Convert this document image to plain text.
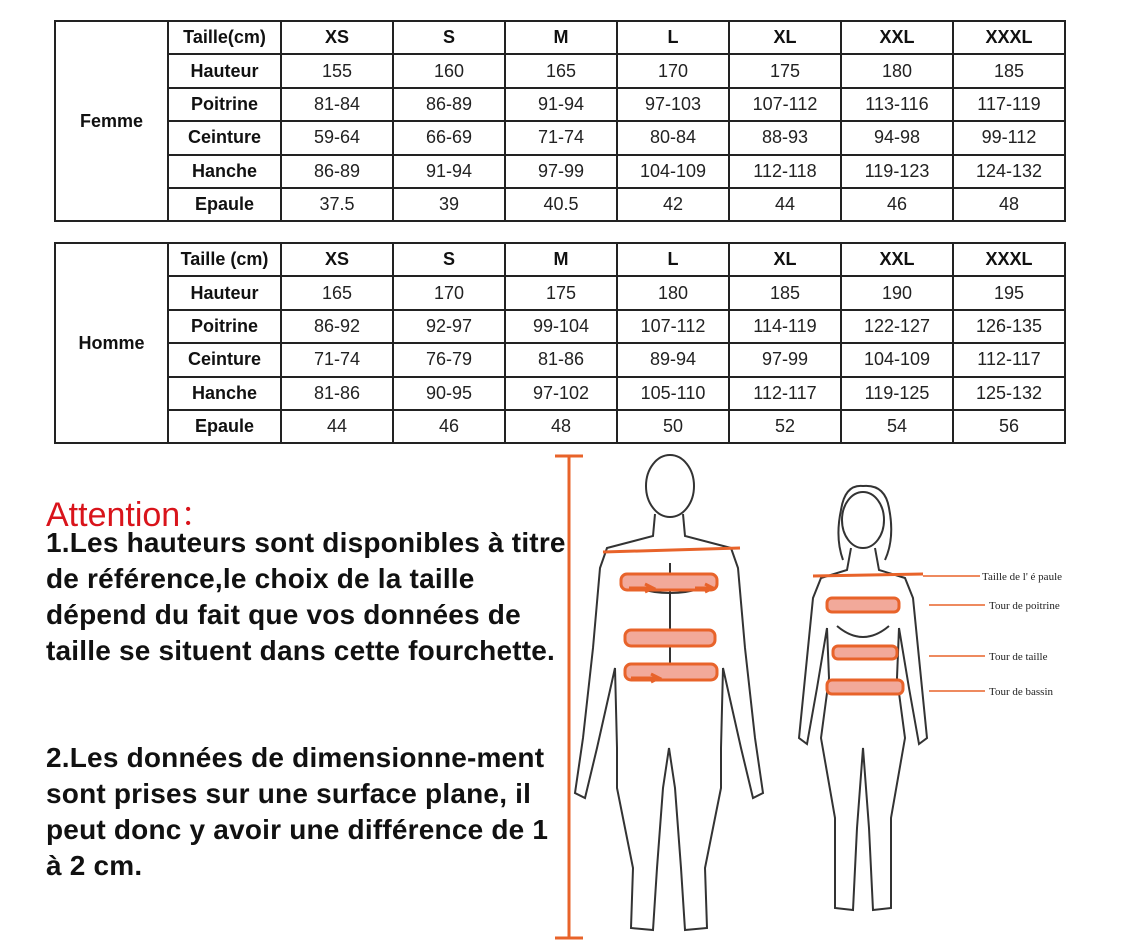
Femme	Taille(cm)	XS	S	M	L	XL	XXL	XXXL
	Hauteur	155	160	165	170	175	180	185
	Poitrine	81-84	86-89	91-94	97-103	107-112	113-116	117-119
	Ceinture	59-64	66-69	71-74	80-84	88-93	94-98	99-112
	Hanche	86-89	91-94	97-99	104-109	112-118	119-123	124-132
	Epaule	37.5	39	40.5	42	44	46	48
Homme	Taille (cm)	XS	S	M	L	XL	XXL	XXXL
	Hauteur	165	170	175	180	185	190	195
	Poitrine	86-92	92-97	99-104	107-112	114-119	122-127	126-135
	Ceinture	71-74	76-79	81-86	89-94	97-99	104-109	112-117
	Hanche	81-86	90-95	97-102	105-110	112-117	119-125	125-132
	Epaule	44	46	48	50	52	54	56
Attention：
1.Les hauteurs sont disponibles à titre de référence,le choix de la taille dépend du fait que vos données de taille se situent dans cette fourchette.
2.Les données de dimensionne-ment sont prises sur une surface plane, il peut donc y avoir une différence de 1 à 2 cm.
Taille de l' é paule
Tour de poitrine
Tour de taille
Tour de bassin
